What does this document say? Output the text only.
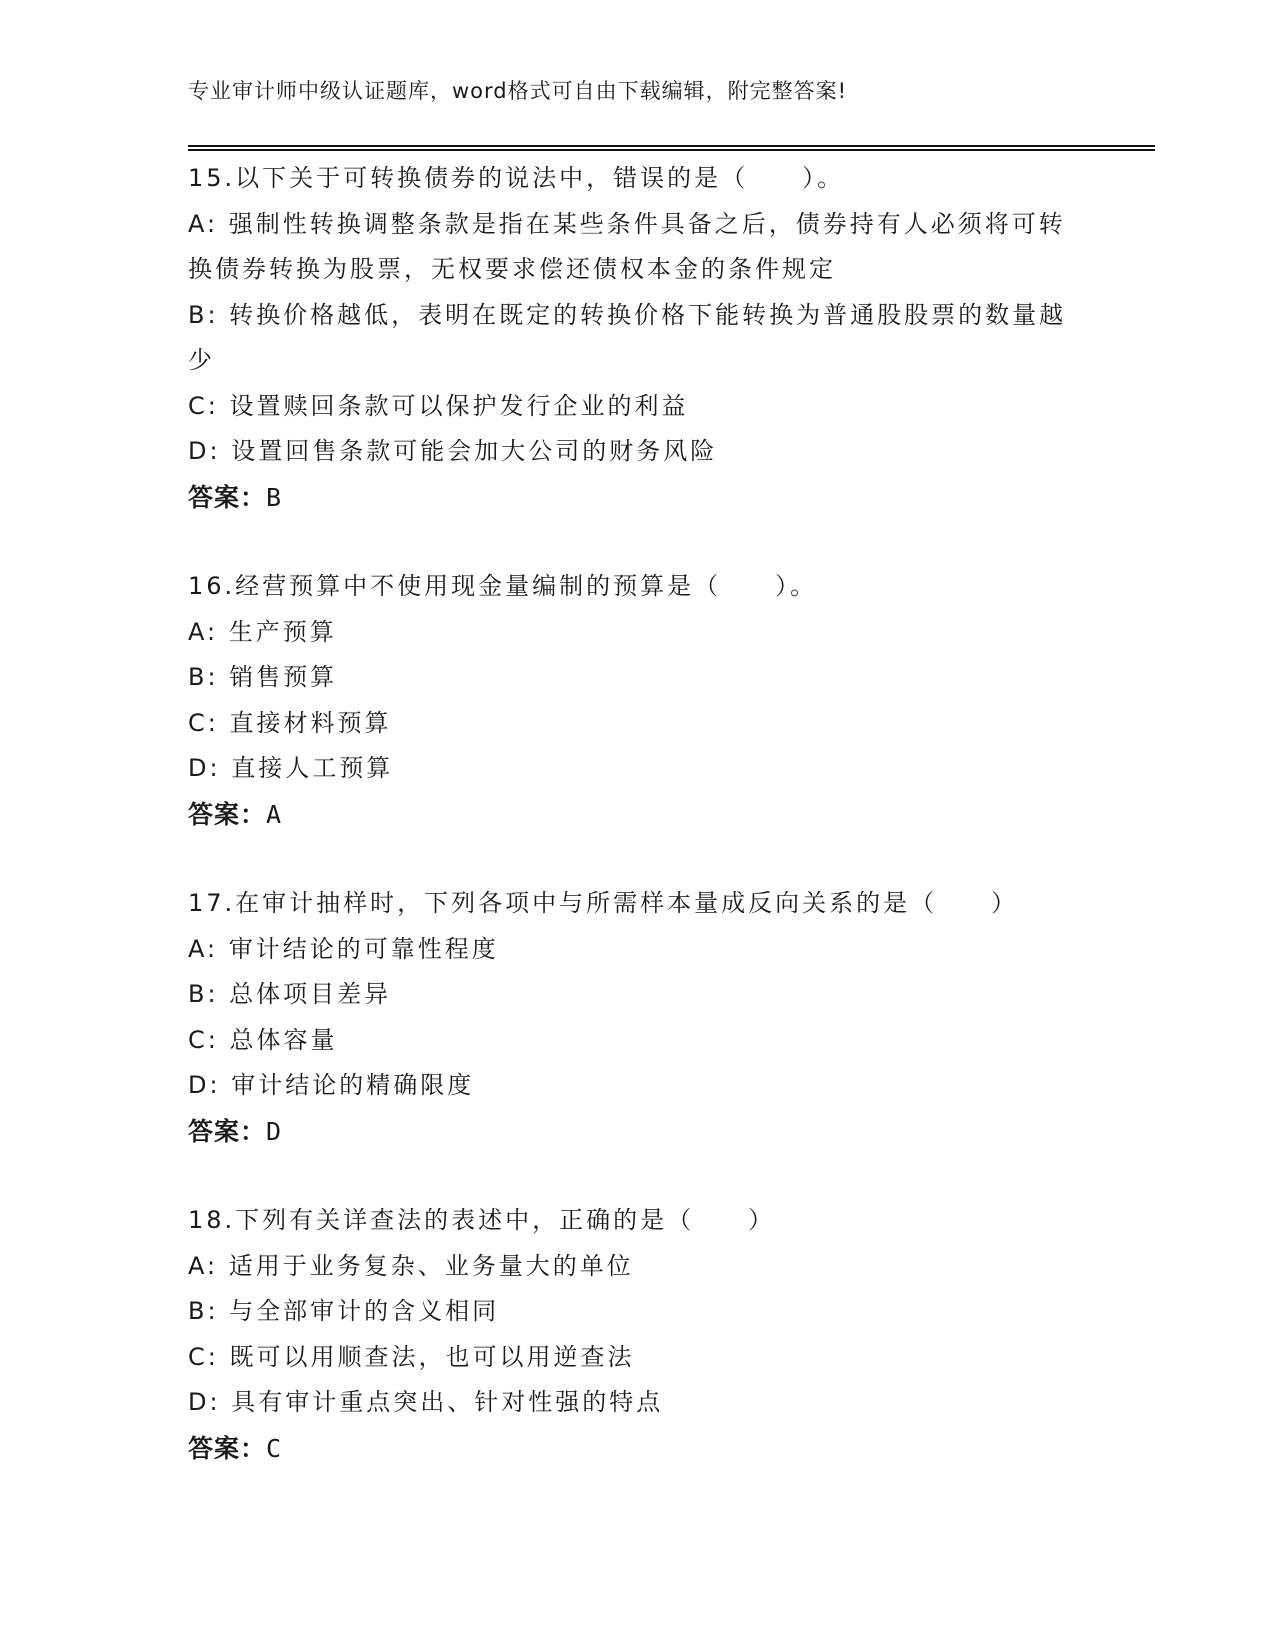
专业审计师中级认证题库，word格式可自由下载编辑，附完整答案!
15.以下关于可转换债券的说法中，错误的是（　　）。
A: 强制性转换调整条款是指在某些条件具备之后，债券持有人必须将可转换债券转换为股票，无权要求偿还债权本金的条件规定
B: 转换价格越低，表明在既定的转换价格下能转换为普通股股票的数量越少
C: 设置赎回条款可以保护发行企业的利益
D: 设置回售条款可能会加大公司的财务风险
答案：B
16.经营预算中不使用现金量编制的预算是（　　）。
A: 生产预算
B: 销售预算
C: 直接材料预算
D: 直接人工预算
答案：A
17.在审计抽样时，下列各项中与所需样本量成反向关系的是（　　）
A: 审计结论的可靠性程度
B: 总体项目差异
C: 总体容量
D: 审计结论的精确限度
答案：D
18.下列有关详查法的表述中，正确的是（　　）
A: 适用于业务复杂、业务量大的单位
B: 与全部审计的含义相同
C: 既可以用顺查法，也可以用逆查法
D: 具有审计重点突出、针对性强的特点
答案：C
